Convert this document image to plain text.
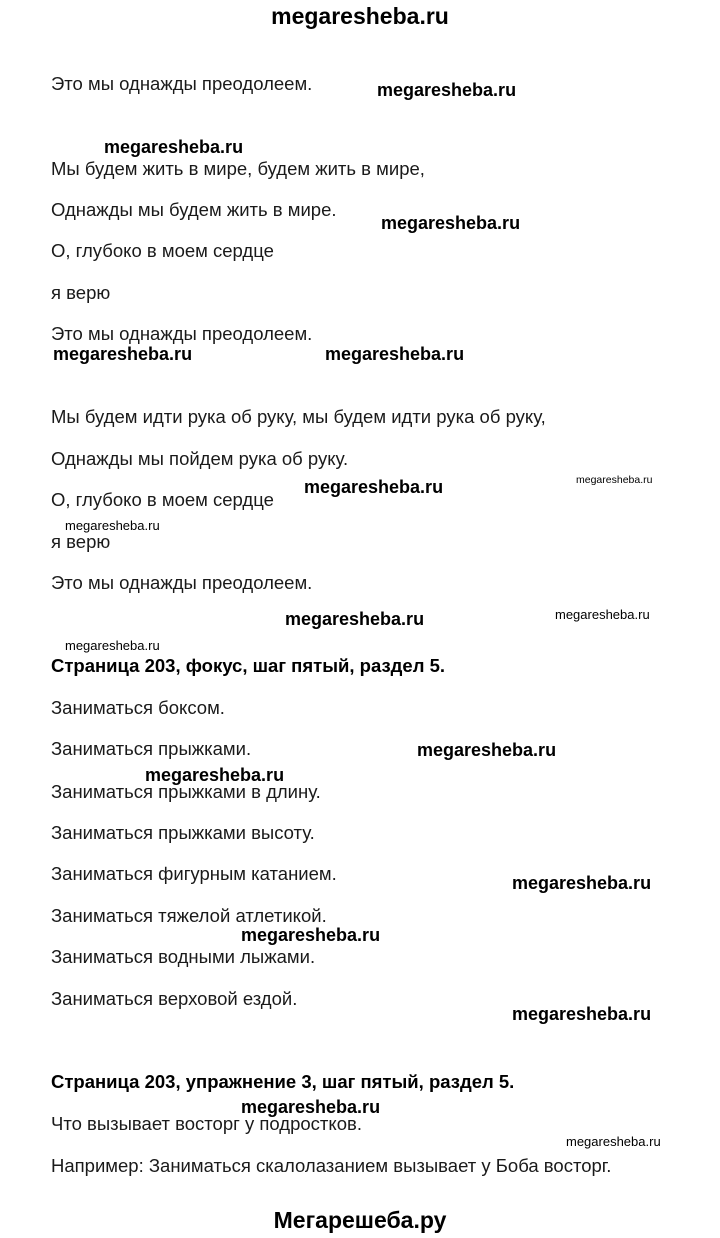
megaresheba.ru
Это мы однажды преодолеем.
Мы будем жить в мире, будем жить в мире,
Однажды мы будем жить в мире.
О, глубоко в моем сердце
я верю
Это мы однажды преодолеем.
Мы будем идти рука об руку, мы будем идти рука об руку,
Однажды мы пойдем рука об руку.
О, глубоко в моем сердце
я верю
Это мы однажды преодолеем.
Страница 203, фокус, шаг пятый, раздел 5.
Заниматься боксом.
Заниматься прыжками.
Заниматься прыжками в длину.
Заниматься прыжками высоту.
Заниматься фигурным катанием.
Заниматься тяжелой атлетикой.
Заниматься водными лыжами.
Заниматься верховой ездой.
Страница 203, упражнение 3, шаг пятый, раздел 5.
Что вызывает восторг у подростков.
Например: Заниматься скалолазанием вызывает у Боба восторг.
megaresheba.ru
megaresheba.ru
megaresheba.ru
megaresheba.ru	megaresheba.ru
megaresheba.ru
megaresheba.ru
megaresheba.ru
megaresheba.ru
megaresheba.ru
megaresheba.ru
megaresheba.ru
megaresheba.ru
megaresheba.ru
megaresheba.ru
megaresheba.ru
megaresheba.ru
megaresheba.ru
Мегарешеба.ру
